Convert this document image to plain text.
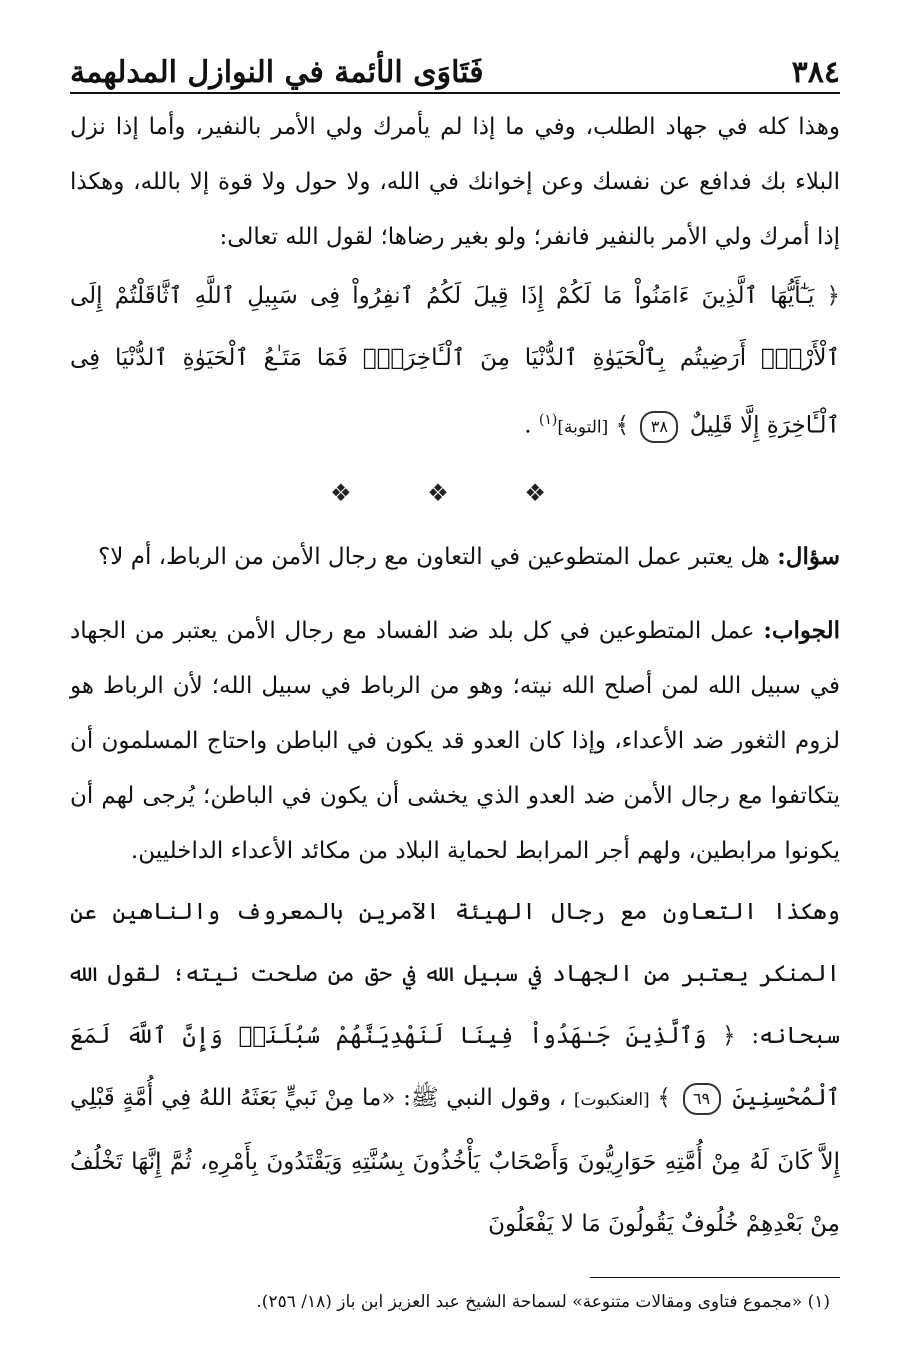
٣٨٤
فَتَاوَى الأئمة في النوازل المدلهمة

وهذا كله في جهاد الطلب، وفي ما إذا لم يأمرك ولي الأمر بالنفير، وأما إذا نزل البلاء بك فدافع عن نفسك وعن إخوانك في الله، ولا حول ولا قوة إلا بالله، وهكذا إذا أمرك ولي الأمر بالنفير فانفر؛ ولو بغير رضاها؛ لقول الله تعالى:

﴿ يَـٰٓأَيُّهَا ٱلَّذِينَ ءَامَنُواْ مَا لَكُمْ إِذَا قِيلَ لَكُمُ ٱنفِرُواْ فِى سَبِيلِ ٱللَّهِ ٱثَّاقَلْتُمْ إِلَى ٱلْأَرْضِۚ أَرَضِيتُم بِٱلْحَيَوٰةِ ٱلدُّنْيَا مِنَ ٱلْـَٔاخِرَةِۚ فَمَا مَتَـٰعُ ٱلْحَيَوٰةِ ٱلدُّنْيَا فِى ٱلْـَٔاخِرَةِ إِلَّا قَلِيلٌ ٣٨ ﴾ [التوبة]$^{(١)}$ .

❖ ❖ ❖

سؤال: هل يعتبر عمل المتطوعين في التعاون مع رجال الأمن من الرباط، أم لا؟

الجواب: عمل المتطوعين في كل بلد ضد الفساد مع رجال الأمن يعتبر من الجهاد في سبيل الله لمن أصلح الله نيته؛ وهو من الرباط في سبيل الله؛ لأن الرباط هو لزوم الثغور ضد الأعداء، وإذا كان العدو قد يكون في الباطن واحتاج المسلمون أن يتكاتفوا مع رجال الأمن ضد العدو الذي يخشى أن يكون في الباطن؛ يُرجى لهم أن يكونوا مرابطين، ولهم أجر المرابط لحماية البلاد من مكائد الأعداء الداخليين.

وهكذا التعاون مع رجال الهيئة الآمرين بالمعروف والناهين عن المنكر يعتبر من الجهاد في سبيل الله في حق من صلحت نيته؛ لقول الله سبحانه: ﴿ وَٱلَّذِينَ جَـٰهَدُواْ فِينَا لَنَهْدِيَنَّهُمْ سُبُلَنَاۚ وَإِنَّ ٱللَّهَ لَمَعَ ٱلْمُحْسِنِينَ ٦٩ ﴾ [العنكبوت] ، وقول النبي ﷺ: «ما مِنْ نَبيٍّ بَعَثَهُ اللهُ فِي أُمَّةٍ قَبْلِي إِلاَّ كَانَ لَهُ مِنْ أُمَّتِهِ حَوَارِيُّونَ وَأَصْحَابٌ يَأْخُذُونَ بِسُنَّتِهِ وَيَقْتَدُونَ بِأَمْرِهِ، ثُمَّ إِنَّهَا تَخْلُفُ مِنْ بَعْدِهِمْ خُلُوفٌ يَقُولُونَ مَا لا يَفْعَلُونَ

(١) «مجموع فتاوى ومقالات متنوعة» لسماحة الشيخ عبد العزيز ابن باز (١٨/ ٢٥٦).
